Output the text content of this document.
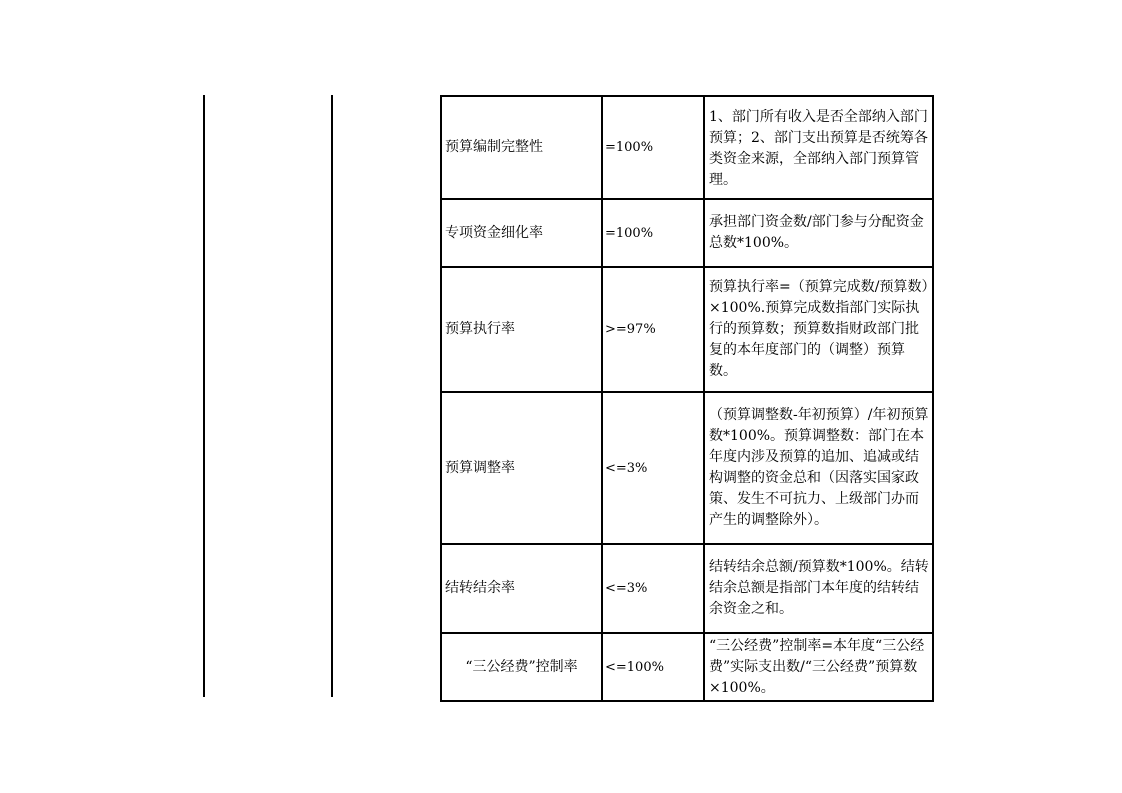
预算编制完整性	=100%	1、部门所有收入是否全部纳入部门预算；2、部门支出预算是否统筹各类资金来源，全部纳入部门预算管理。
专项资金细化率	=100%	承担部门资金数/部门参与分配资金总数*100%。
预算执行率	>=97%	预算执行率=（预算完成数/预算数）×100%.预算完成数指部门实际执行的预算数；预算数指财政部门批复的本年度部门的（调整）预算数。
预算调整率	<=3%	（预算调整数-年初预算）/年初预算数*100%。预算调整数：部门在本年度内涉及预算的追加、追减或结构调整的资金总和（因落实国家政策、发生不可抗力、上级部门办而产生的调整除外）。
结转结余率	<=3%	结转结余总额/预算数*100%。结转结余总额是指部门本年度的结转结余资金之和。
“三公经费”控制率	<=100%	“三公经费”控制率=本年度“三公经费”实际支出数/“三公经费”预算数×100%。
